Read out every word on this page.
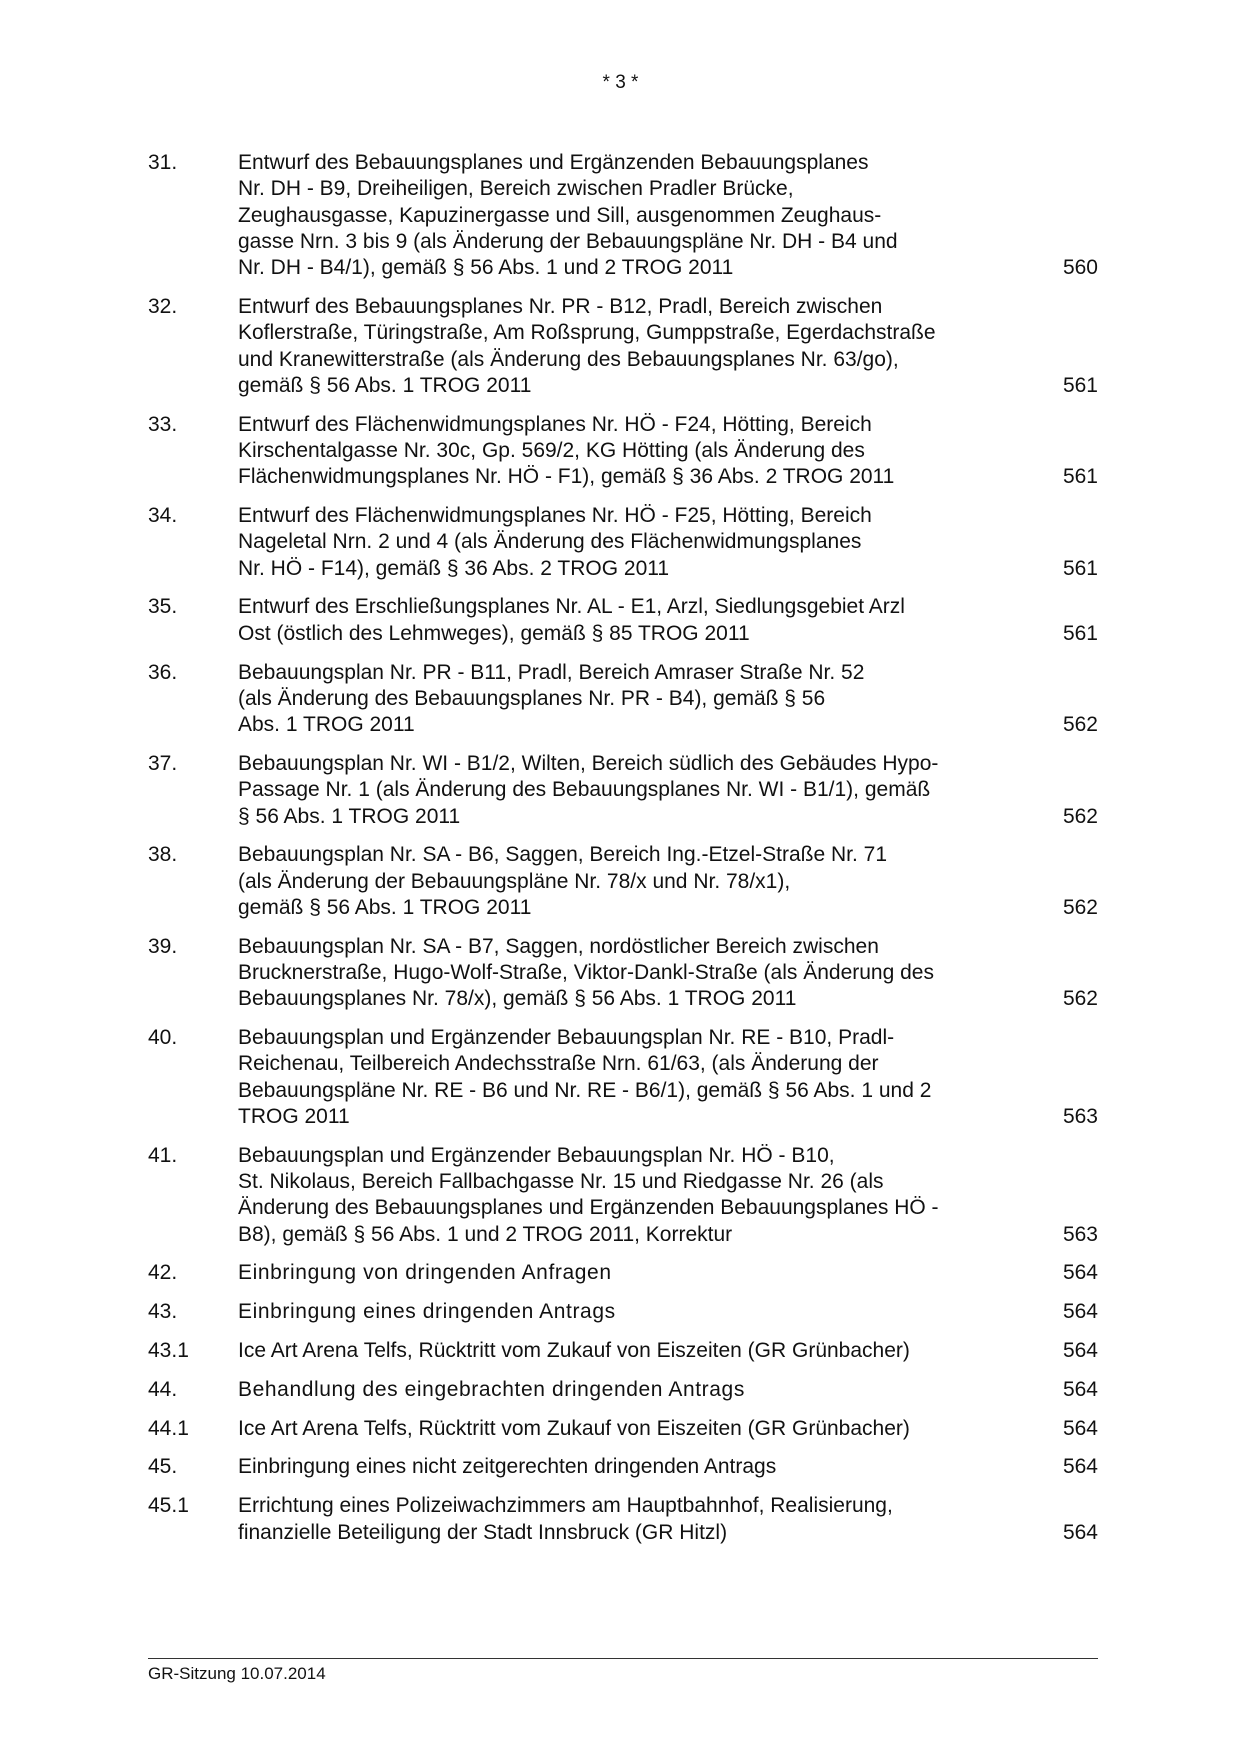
* 3 *
31.	Entwurf des Bebauungsplanes und Ergänzenden Bebauungsplanes
Nr. DH - B9, Dreiheiligen, Bereich zwischen Pradler Brücke,
Zeughausgasse, Kapuzinergasse und Sill, ausgenommen Zeughaus-
gasse Nrn. 3 bis 9 (als Änderung der Bebauungspläne Nr. DH - B4 und
Nr. DH - B4/1), gemäß § 56 Abs. 1 und 2 TROG 2011	560
32.	Entwurf des Bebauungsplanes Nr. PR - B12, Pradl, Bereich zwischen
Koflerstraße, Türingstraße, Am Roßsprung, Gumppstraße, Egerdachstraße
und Kranewitterstraße (als Änderung des Bebauungsplanes Nr. 63/go),
gemäß § 56 Abs. 1 TROG 2011	561
33.	Entwurf des Flächenwidmungsplanes Nr. HÖ - F24, Hötting, Bereich
Kirschentalgasse Nr. 30c, Gp. 569/2, KG Hötting (als Änderung des
Flächenwidmungsplanes Nr. HÖ - F1), gemäß § 36 Abs. 2 TROG 2011	561
34.	Entwurf des Flächenwidmungsplanes Nr. HÖ - F25, Hötting, Bereich
Nageletal Nrn. 2 und 4 (als Änderung des Flächenwidmungsplanes
Nr. HÖ - F14), gemäß § 36 Abs. 2 TROG 2011	561
35.	Entwurf des Erschließungsplanes Nr. AL - E1, Arzl, Siedlungsgebiet Arzl
Ost (östlich des Lehmweges), gemäß § 85 TROG 2011	561
36.	Bebauungsplan Nr. PR - B11, Pradl, Bereich Amraser Straße Nr. 52
(als Änderung des Bebauungsplanes Nr. PR - B4), gemäß § 56
Abs. 1 TROG 2011	562
37.	Bebauungsplan Nr. WI - B1/2, Wilten, Bereich südlich des Gebäudes Hypo-
Passage Nr. 1 (als Änderung des Bebauungsplanes Nr. WI - B1/1), gemäß
§ 56 Abs. 1 TROG 2011	562
38.	Bebauungsplan Nr. SA - B6, Saggen, Bereich Ing.-Etzel-Straße Nr. 71
(als Änderung der Bebauungspläne Nr. 78/x und Nr. 78/x1),
gemäß § 56 Abs. 1 TROG 2011	562
39.	Bebauungsplan Nr. SA - B7, Saggen, nordöstlicher Bereich zwischen
Brucknerstraße, Hugo-Wolf-Straße, Viktor-Dankl-Straße (als Änderung des
Bebauungsplanes Nr. 78/x), gemäß § 56 Abs. 1 TROG 2011	562
40.	Bebauungsplan und Ergänzender Bebauungsplan Nr. RE - B10, Pradl-
Reichenau, Teilbereich Andechsstraße Nrn. 61/63, (als Änderung der
Bebauungspläne Nr. RE - B6 und Nr. RE - B6/1), gemäß § 56 Abs. 1 und 2
TROG 2011	563
41.	Bebauungsplan und Ergänzender Bebauungsplan Nr. HÖ - B10,
St. Nikolaus, Bereich Fallbachgasse Nr. 15 und Riedgasse Nr. 26 (als
Änderung des Bebauungsplanes und Ergänzenden Bebauungsplanes HÖ -
B8), gemäß § 56 Abs. 1 und 2 TROG 2011, Korrektur	563
42.	Einbringung von dringenden Anfragen	564
43.	Einbringung eines dringenden Antrags	564
43.1	Ice Art Arena Telfs, Rücktritt vom Zukauf von Eiszeiten (GR Grünbacher)	564
44.	Behandlung des eingebrachten dringenden Antrags	564
44.1	Ice Art Arena Telfs, Rücktritt vom Zukauf von Eiszeiten (GR Grünbacher)	564
45.	Einbringung eines nicht zeitgerechten dringenden Antrags	564
45.1	Errichtung eines Polizeiwachzimmers am Hauptbahnhof, Realisierung,
finanzielle Beteiligung der Stadt Innsbruck (GR Hitzl)	564
GR-Sitzung 10.07.2014
